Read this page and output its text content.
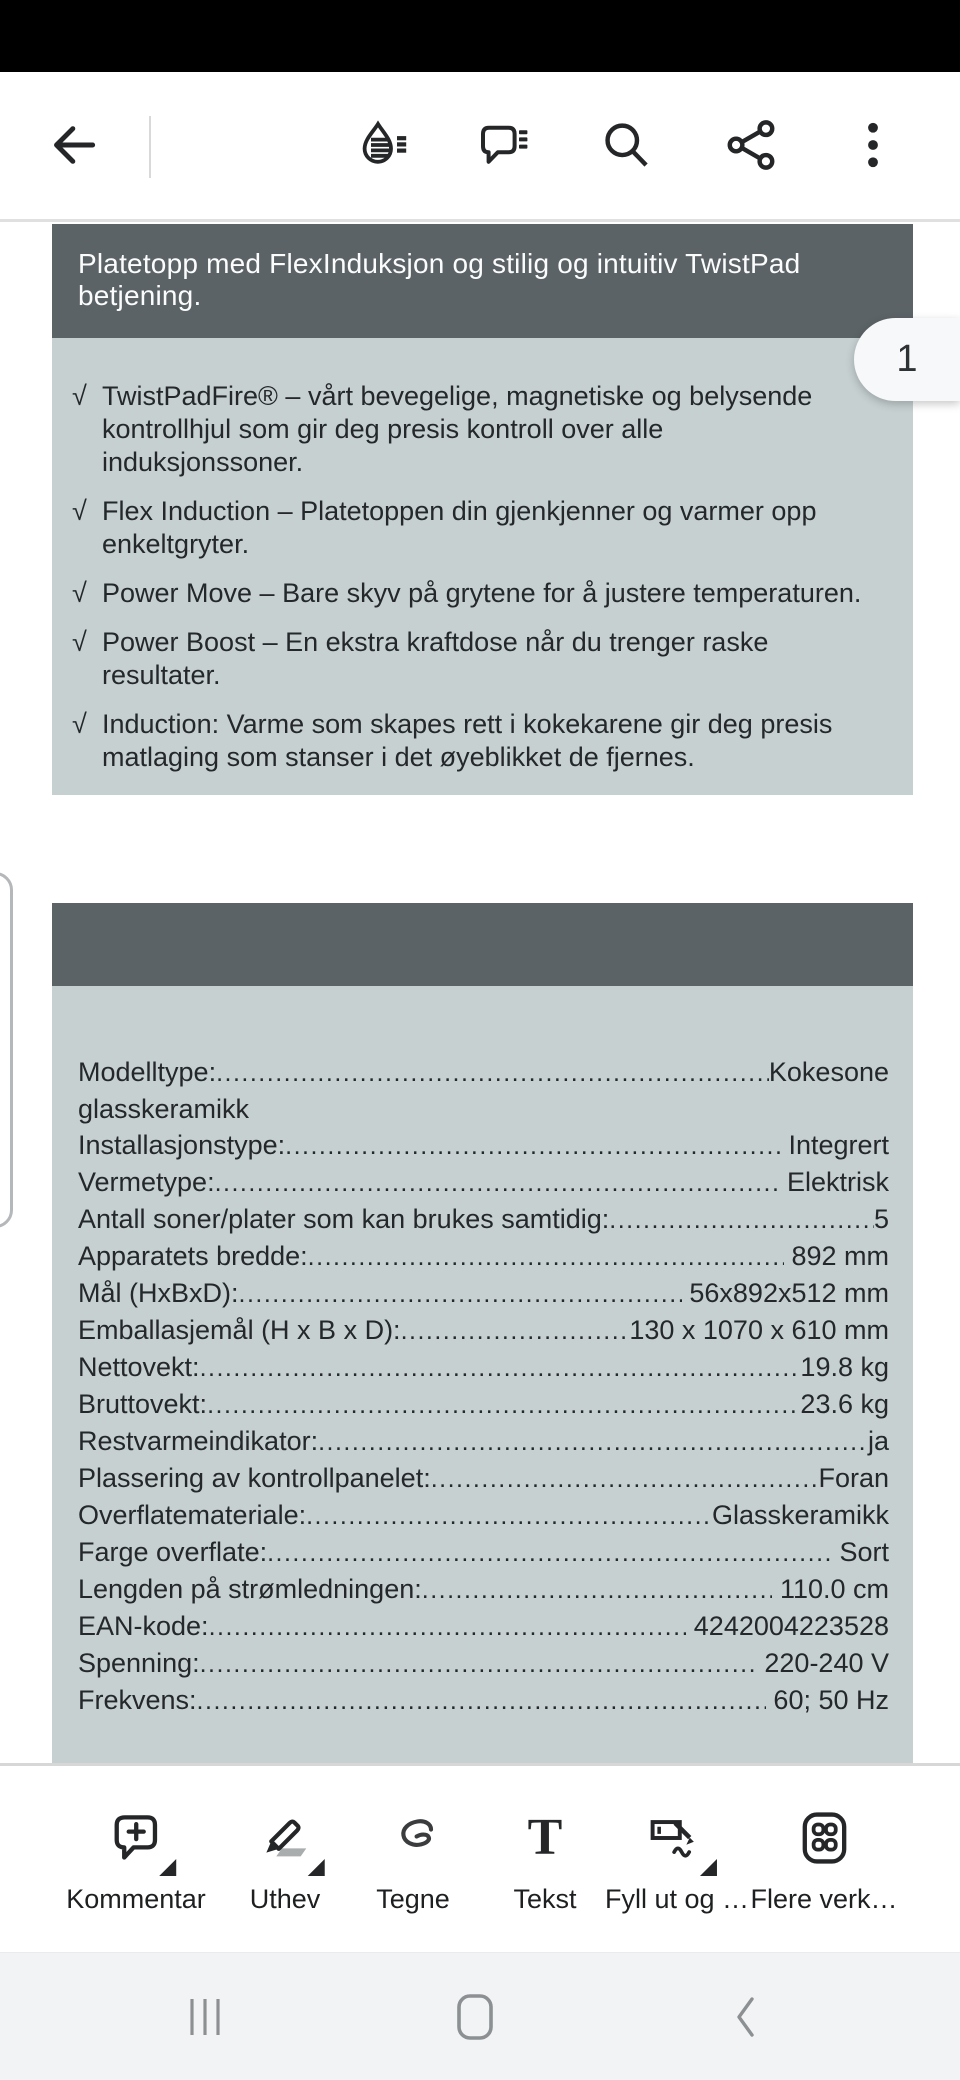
Platetopp med FlexInduksjon og stilig og intuitiv TwistPad betjening.
√ TwistPadFire® – vårt bevegelige, magnetiske og belysende kontrollhjul som gir deg presis kontroll over alle induksjonssoner.
√ Flex Induction – Platetoppen din gjenkjenner og varmer opp enkeltgryter.
√ Power Move – Bare skyv på grytene for å justere temperaturen.
√ Power Boost – En ekstra kraftdose når du trenger raske resultater.
√ Induction: Varme som skapes rett i kokekarene gir deg presis matlaging som stanser i det øyeblikket de fjernes.
1
Modelltype: .....	Kokesone
glasskeramikk
Installasjonstype: .....	Integrert
Vermetype: .....	Elektrisk
Antall soner/plater som kan brukes samtidig: .....	5
Apparatets bredde: .....	892 mm
Mål (HxBxD): .....	56x892x512 mm
Emballasjemål (H x B x D): .....	130 x 1070 x 610 mm
Nettovekt: .....	19.8 kg
Bruttovekt: .....	23.6 kg
Restvarmeindikator: .....	ja
Plassering av kontrollpanelet: .....	Foran
Overflatemateriale: .....	Glasskeramikk
Farge overflate: .....	Sort
Lengden på strømledningen: .....	110.0 cm
EAN-kode: .....	4242004223528
Spenning: .....	220-240 V
Frekvens: .....	60; 50 Hz
Kommentar Uthev Tegne
T
Tekst Fyll ut og … Flere verk…
